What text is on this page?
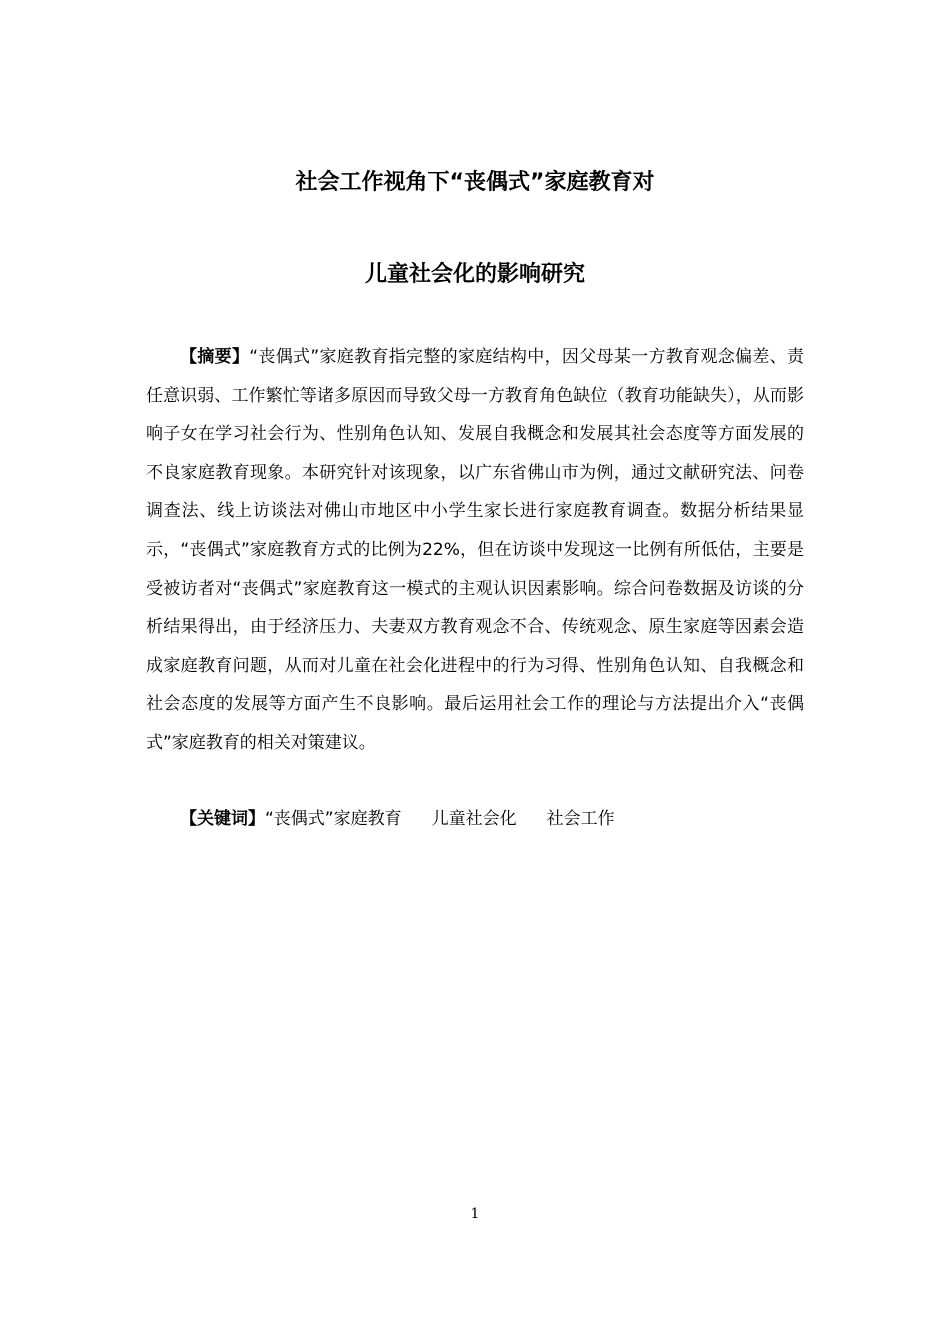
社会工作视角下“丧偶式”家庭教育对
儿童社会化的影响研究

【摘要】“丧偶式”家庭教育指完整的家庭结构中，因父母某一方教育观念偏差、责任意识弱、工作繁忙等诸多原因而导致父母一方教育角色缺位（教育功能缺失），从而影响子女在学习社会行为、性别角色认知、发展自我概念和发展其社会态度等方面发展的不良家庭教育现象。本研究针对该现象，以广东省佛山市为例，通过文献研究法、问卷调查法、线上访谈法对佛山市地区中小学生家长进行家庭教育调查。数据分析结果显示，“丧偶式”家庭教育方式的比例为22%，但在访谈中发现这一比例有所低估，主要是受被访者对“丧偶式”家庭教育这一模式的主观认识因素影响。综合问卷数据及访谈的分析结果得出，由于经济压力、夫妻双方教育观念不合、传统观念、原生家庭等因素会造成家庭教育问题，从而对儿童在社会化进程中的行为习得、性别角色认知、自我概念和社会态度的发展等方面产生不良影响。最后运用社会工作的理论与方法提出介入“丧偶式”家庭教育的相关对策建议。

【关键词】“丧偶式”家庭教育 儿童社会化 社会工作

1
